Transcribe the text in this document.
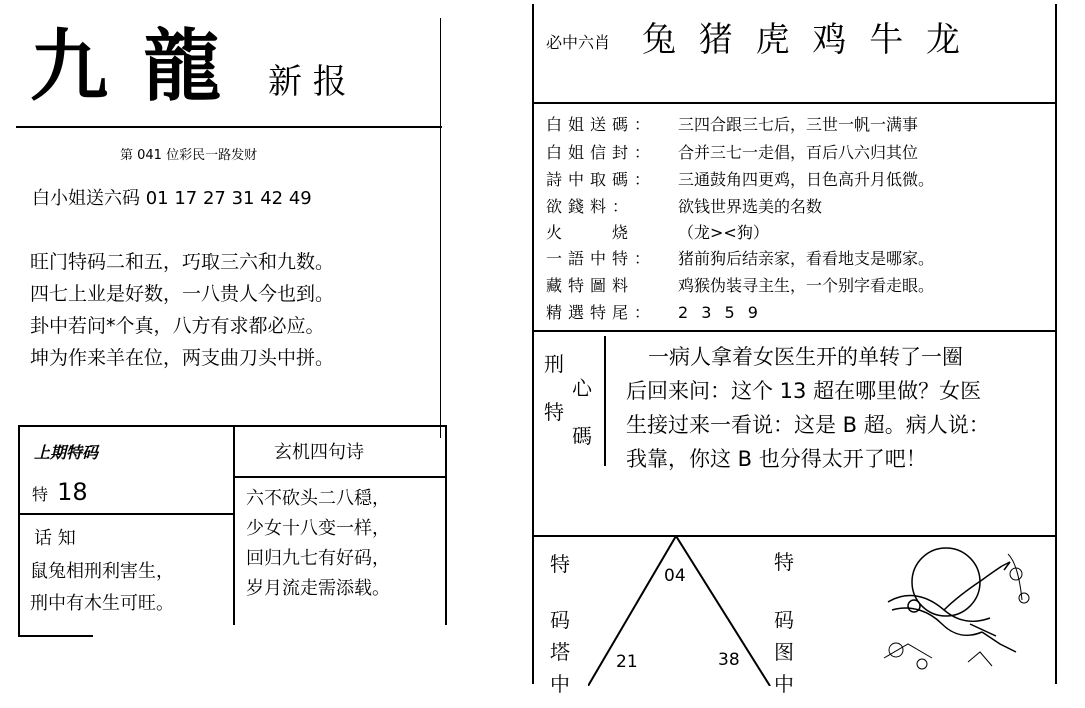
九 龍 新 报
第 041 位彩民一路发财
白小姐送六码 01 17 27 31 42 49

旺门特码二和五，巧取三六和九数。

四七上业是好数，一八贵人今也到。

卦中若问*个真，八方有求都必应。

坤为作来羊在位，两支曲刀头中拼。

上期特码
特 18
话 知

鼠兔相刑利害生，

刑中有木生可旺。

玄机四句诗

六不砍头二八穏，

少女十八变一样，

回归九七有好码，

岁月流走需添载。

必中六肖 兔 猪 虎 鸡 牛 龙
白姐送碼： 三四合跟三七后，三世一帆一满事
白姐信封： 合并三七一走倡，百后八六归其位
詩中取碼： 三通鼓角四更鸡，日色高升月低微。
欲錢料：	欲钱世界选美的名数
火　　烧	（龙><狗）
一語中特： 猪前狗后结亲家，看看地支是哪家。
藏特圖料	鸡猴伪装寻主生，一个别字看走眼。
精選特尾： 2 3 5 9
刑
心
特
碼

一病人拿着女医生开的单转了一圈

后回来问：这个 13 超在哪里做？女医

生接过来一看说：这是 B 超。病人说：

我靠，你这 B 也分得太开了吧！

特
码
塔
中
04
21	38
特
码
图
中
